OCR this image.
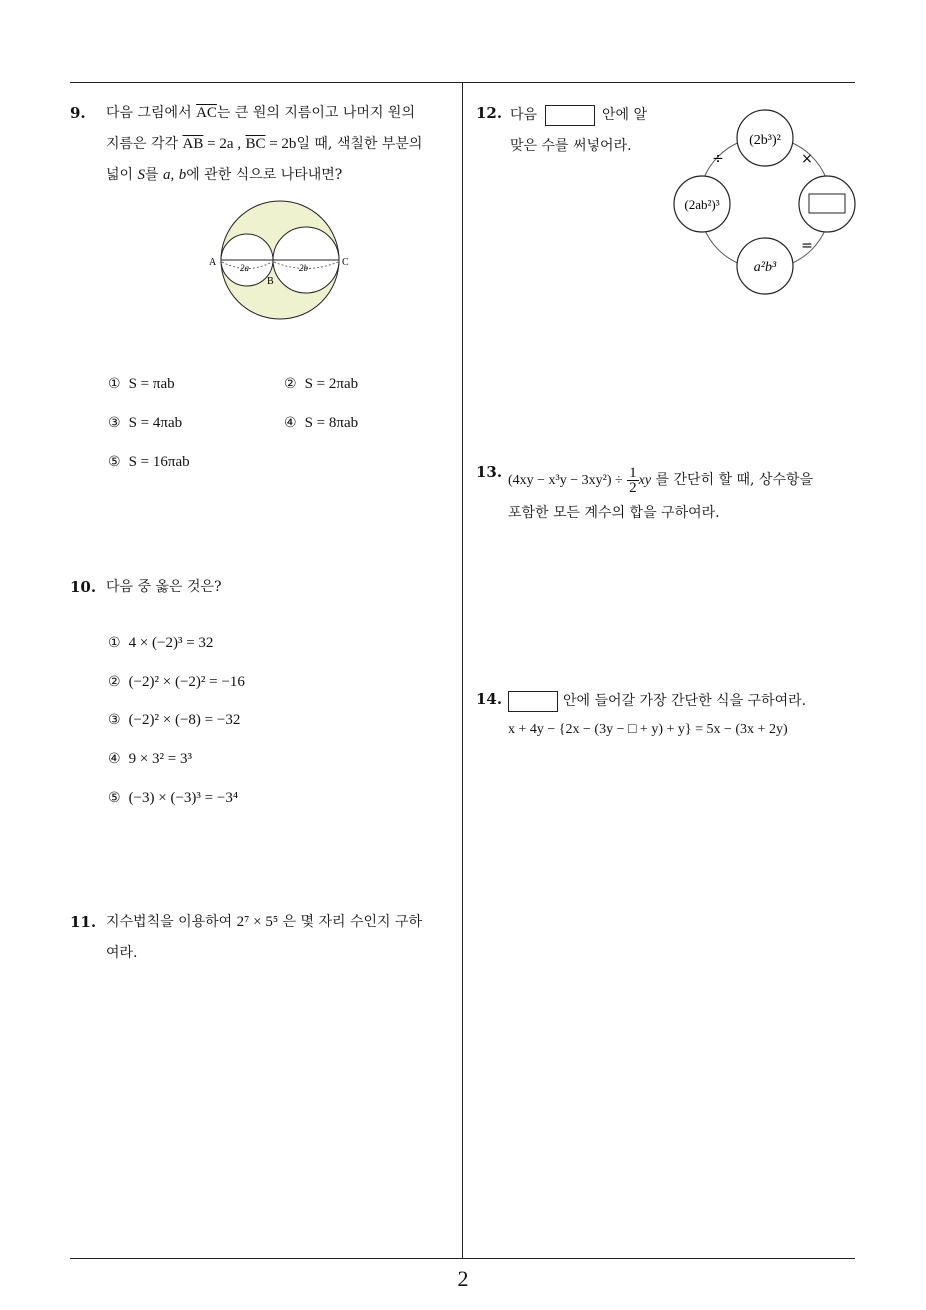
9. 다음 그림에서 $\overline{AC}$는 큰 원의 지름이고 나머지 원의
지름은 각각 $\overline{AB} = 2a$ , $\overline{BC} = 2b$일 때, 색칠한 부분의
넓이 S를 a, b에 관한 식으로 나타내면?
A
B
C
2a	2b
① S = πab	② S = 2πab
③ S = 4πab	④ S = 8πab
⑤ S = 16πab
10. 다음 중 옳은 것은?
① 4 × (−2)³ = 32
② (−2)² × (−2)² = −16
③ (−2)² × (−8) = −32
④ 9 × 3² = 3³
⑤ (−3) × (−3)³ = −3⁴
11. 지수법칙을 이용하여 2⁷ × 5⁵ 은 몇 자리 수인지 구하
여라.
12. 다음	안에 알
맞은 수를 써넣어라.	(2b³)²
(2ab²)³
a²b³
÷	×
=
13. $(4xy - x^3y - 3xy^2) \div \frac{1}{2}$ xy 를 간단히 할 때, 상수항을
포함한 모든 계수의 합을 구하여라.
14.	안에 들어갈 가장 간단한 식을 구하여라.
x + 4y − {2x − (3y − □ + y) + y} = 5x − (3x + 2y)
2
